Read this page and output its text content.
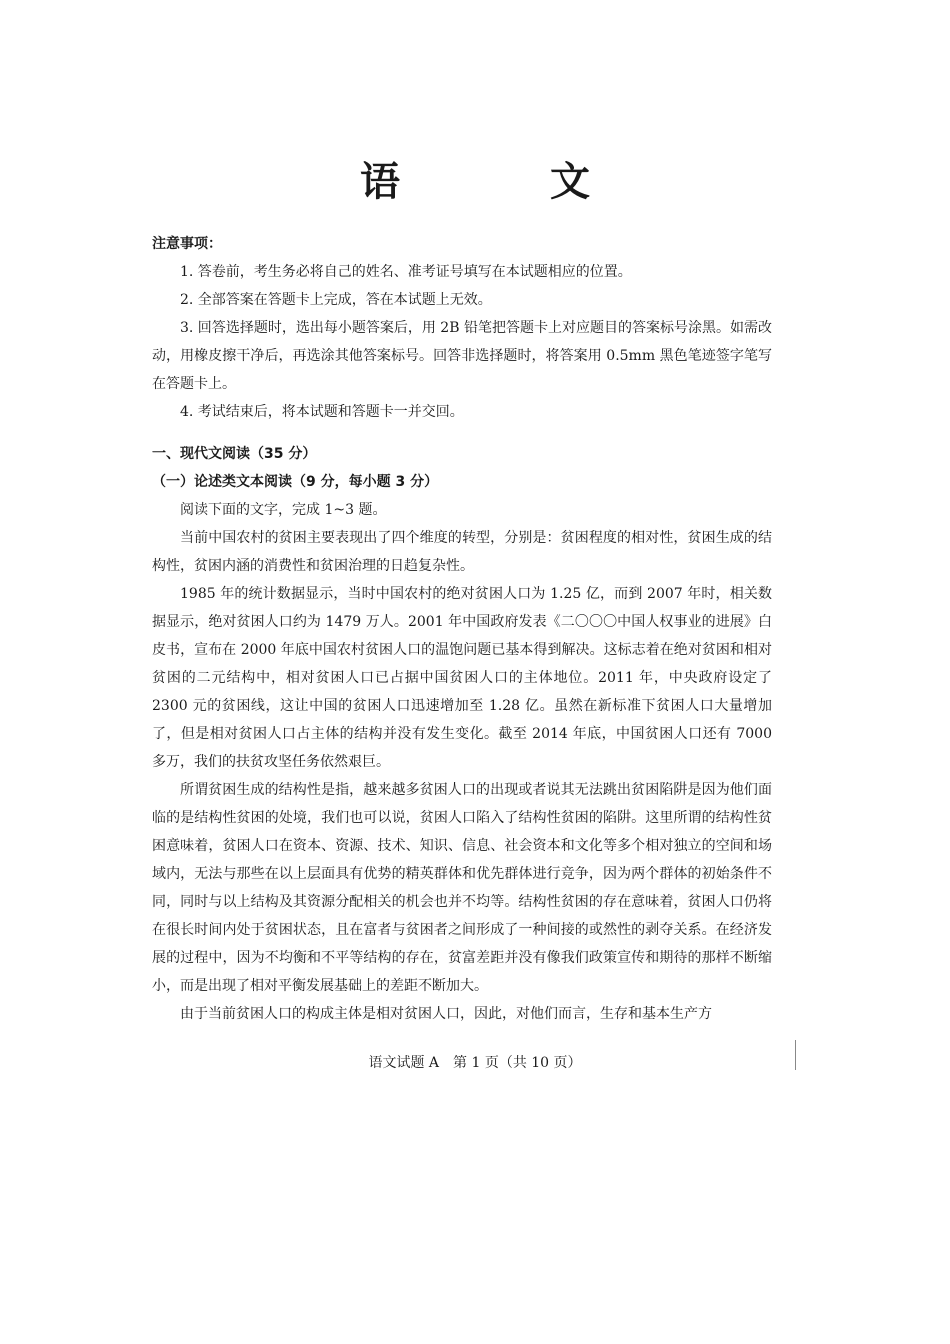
语 文
注意事项：

1. 答卷前，考生务必将自己的姓名、准考证号填写在本试题相应的位置。

2. 全部答案在答题卡上完成，答在本试题上无效。

3. 回答选择题时，选出每小题答案后，用 2B 铅笔把答题卡上对应题目的答案标号涂黑。如需改动，用橡皮擦干净后，再选涂其他答案标号。回答非选择题时，将答案用 0.5mm 黑色笔迹签字笔写在答题卡上。

4. 考试结束后，将本试题和答题卡一并交回。

一、现代文阅读（35 分）

（一）论述类文本阅读（9 分，每小题 3 分）

阅读下面的文字，完成 1~3 题。

当前中国农村的贫困主要表现出了四个维度的转型，分别是：贫困程度的相对性，贫困生成的结构性，贫困内涵的消费性和贫困治理的日趋复杂性。

1985 年的统计数据显示，当时中国农村的绝对贫困人口为 1.25 亿，而到 2007 年时，相关数据显示，绝对贫困人口约为 1479 万人。2001 年中国政府发表《二〇〇〇中国人权事业的进展》白皮书，宣布在 2000 年底中国农村贫困人口的温饱问题已基本得到解决。这标志着在绝对贫困和相对贫困的二元结构中，相对贫困人口已占据中国贫困人口的主体地位。2011 年，中央政府设定了 2300 元的贫困线，这让中国的贫困人口迅速增加至 1.28 亿。虽然在新标准下贫困人口大量增加了，但是相对贫困人口占主体的结构并没有发生变化。截至 2014 年底，中国贫困人口还有 7000 多万，我们的扶贫攻坚任务依然艰巨。

所谓贫困生成的结构性是指，越来越多贫困人口的出现或者说其无法跳出贫困陷阱是因为他们面临的是结构性贫困的处境，我们也可以说，贫困人口陷入了结构性贫困的陷阱。这里所谓的结构性贫困意味着，贫困人口在资本、资源、技术、知识、信息、社会资本和文化等多个相对独立的空间和场域内，无法与那些在以上层面具有优势的精英群体和优先群体进行竞争，因为两个群体的初始条件不同，同时与以上结构及其资源分配相关的机会也并不均等。结构性贫困的存在意味着，贫困人口仍将在很长时间内处于贫困状态，且在富者与贫困者之间形成了一种间接的或然性的剥夺关系。在经济发展的过程中，因为不均衡和不平等结构的存在，贫富差距并没有像我们政策宣传和期待的那样不断缩小，而是出现了相对平衡发展基础上的差距不断加大。

由于当前贫困人口的构成主体是相对贫困人口，因此，对他们而言，生存和基本生产方

语文试题 A　第 1 页（共 10 页）
